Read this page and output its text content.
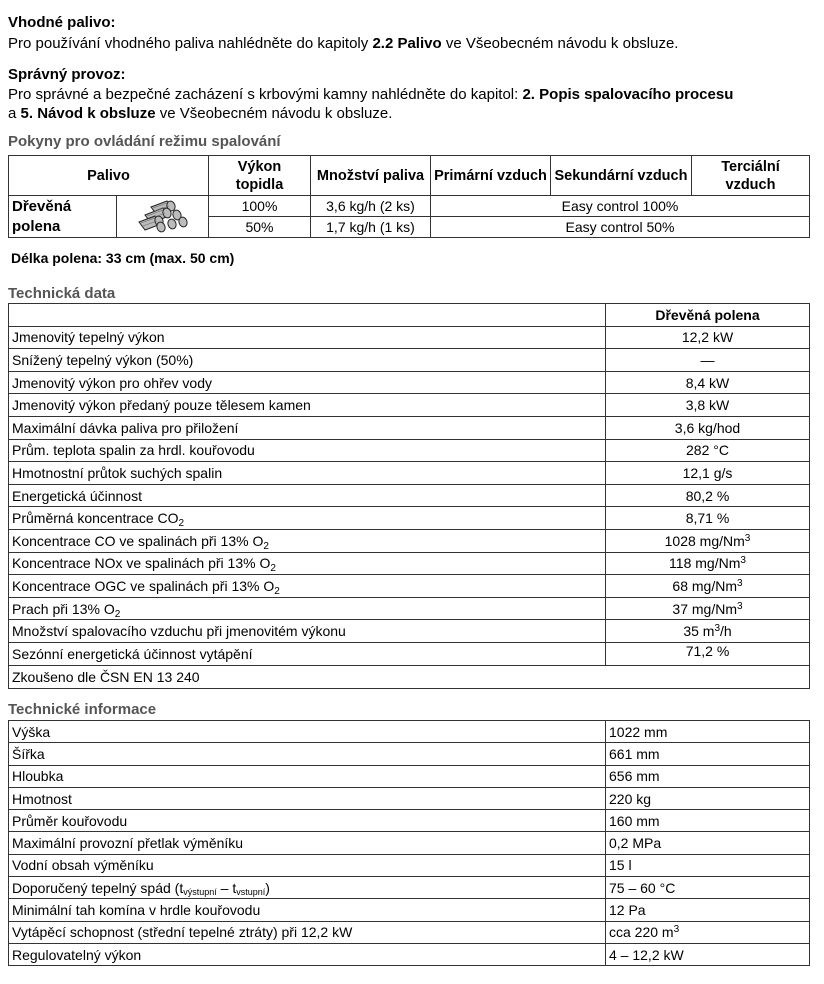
Vhodné palivo:
Pro používání vhodného paliva nahlédněte do kapitoly 2.2 Palivo ve Všeobecném návodu k obsluze.
Správný provoz:
Pro správné a bezpečné zacházení s krbovými kamny nahlédněte do kapitol: 2. Popis spalovacího procesu
a 5. Návod k obsluze ve Všeobecném návodu k obsluze.
Pokyny pro ovládání režimu spalování
Palivo		Výkon topidla	Množství paliva	Primární vzduch	Sekundární vzduch	Terciální vzduch
Dřevěná polena		100%	3,6 kg/h (2 ks)	Easy control 100%		
		50%	1,7 kg/h (1 ks)	Easy control 50%		
Délka polena: 33 cm (max. 50 cm)
Technická data
	Dřevěná polena
Jmenovitý tepelný výkon	12,2 kW
Snížený tepelný výkon (50%)	—
Jmenovitý výkon pro ohřev vody	8,4 kW
Jmenovitý výkon předaný pouze tělesem kamen	3,8 kW
Maximální dávka paliva pro přiložení	3,6 kg/hod
Prům. teplota spalin za hrdl. kouřovodu	282 °C
Hmotnostní průtok suchých spalin	12,1 g/s
Energetická účinnost	80,2 %
Průměrná koncentrace $CO_2$	8,71 %
Koncentrace CO ve spalinách při 13% $O_2$	1028 mg/Nm$^3$
Koncentrace NOx ve spalinách při 13% $O_2$	118 mg/Nm$^3$
Koncentrace OGC ve spalinách při 13% $O_2$	68 mg/Nm$^3$
Prach při 13% $O_2$	37 mg/Nm$^3$
Množství spalovacího vzduchu při jmenovitém výkonu	35 $m^3/h$
Sezónní energetická účinnost vytápění	71,2 %
Zkoušeno dle ČSN EN 13 240	
Technické informace
Výška	1022 mm
Šířka	661 mm
Hloubka	656 mm
Hmotnost	220 kg
Průměr kouřovodu	160 mm
Maximální provozní přetlak výměníku	0,2 MPa
Vodní obsah výměníku	15 l
Doporučený tepelný spád $(t_{výstupní} - t_{vstupní})$	75 – 60 °C
Minimální tah komína v hrdle kouřovodu	12 Pa
Vytápěcí schopnost (střední tepelné ztráty) při 12,2 kW	cca 220 $m^3$
Regulovatelný výkon	4 – 12,2 kW
